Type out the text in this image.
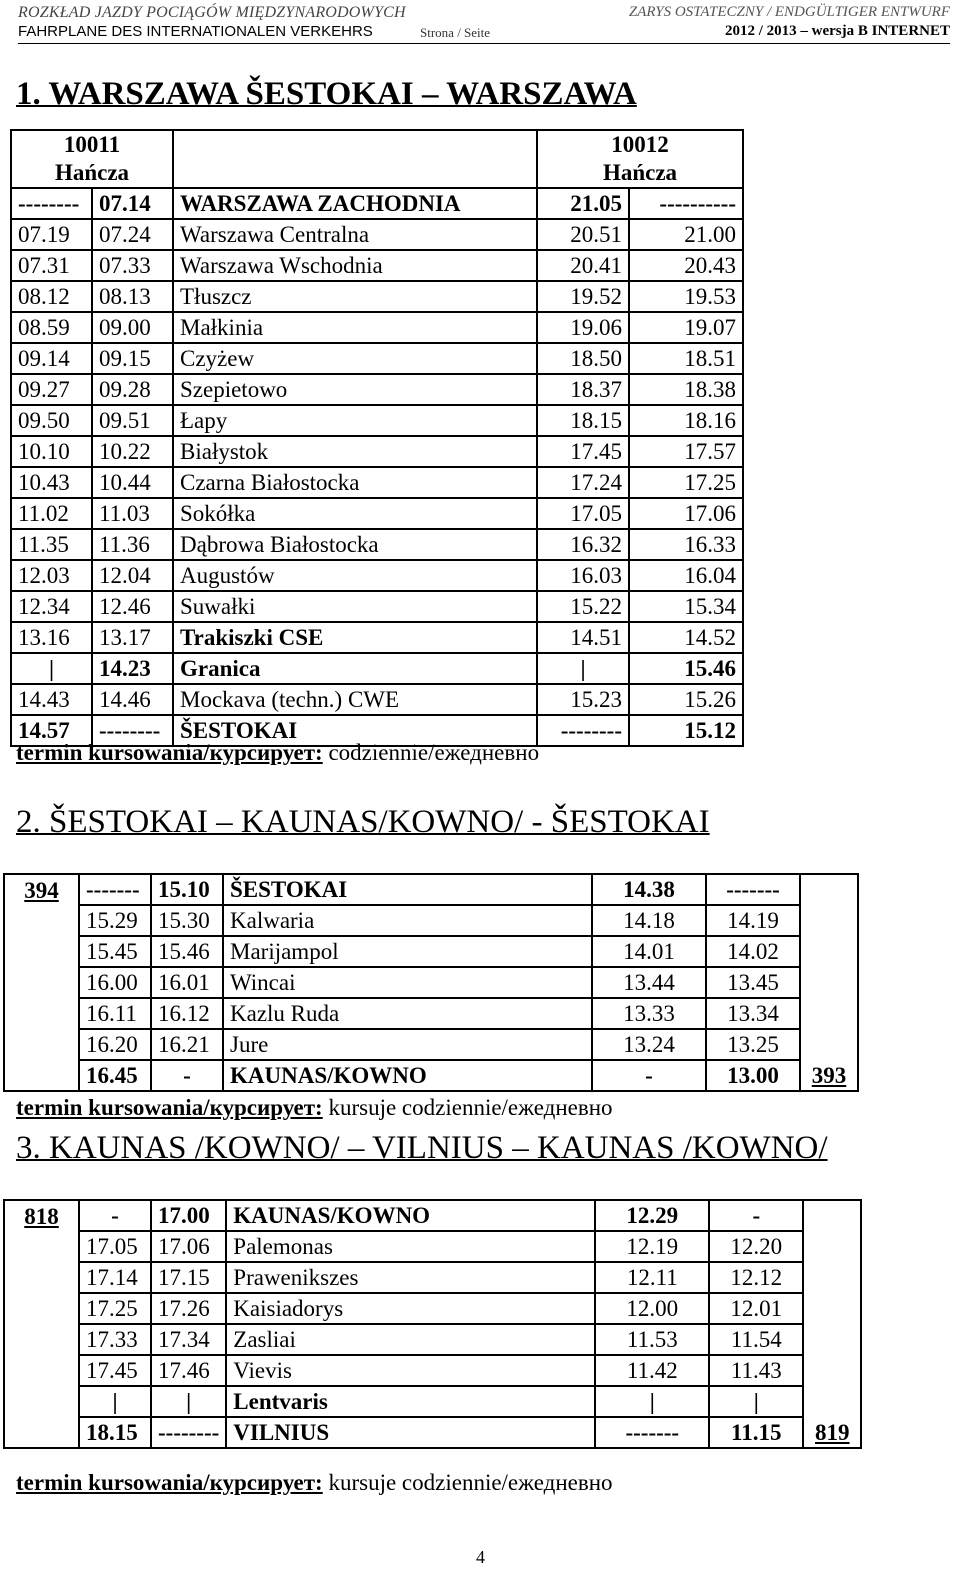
ROZKŁAD JAZDY POCIĄGÓW MIĘDZYNARODOWYCH
FAHRPLANE DES INTERNATIONALEN VERKEHRS	Strona / Seite
ZARYS OSTATECZNY / ENDGÜLTIGER ENTWURF
2012 / 2013 – wersja B INTERNET
1. WARSZAWA ŠESTOKAI – WARSZAWA
10011			10012	
Hańcza			Hańcza	
--------	07.14	WARSZAWA ZACHODNIA	21.05	----------
07.19	07.24	Warszawa Centralna	20.51	21.00
07.31	07.33	Warszawa Wschodnia	20.41	20.43
08.12	08.13	Tłuszcz	19.52	19.53
08.59	09.00	Małkinia	19.06	19.07
09.14	09.15	Czyżew	18.50	18.51
09.27	09.28	Szepietowo	18.37	18.38
09.50	09.51	Łapy	18.15	18.16
10.10	10.22	Białystok	17.45	17.57
10.43	10.44	Czarna Białostocka	17.24	17.25
11.02	11.03	Sokółka	17.05	17.06
11.35	11.36	Dąbrowa Białostocka	16.32	16.33
12.03	12.04	Augustów	16.03	16.04
12.34	12.46	Suwałki	15.22	15.34
13.16	13.17	Trakiszki CSE	14.51	14.52
|	14.23	Granica	|	15.46
14.43	14.46	Mockava (techn.) CWE	15.23	15.26
14.57	--------	ŠESTOKAI	--------	15.12
termin kursowania/курсирует: codziennie/ежедневно
2. ŠESTOKAI – KAUNAS/KOWNO/ - ŠESTOKAI
394	-------	15.10	ŠESTOKAI	14.38	-------	
	15.29	15.30	Kalwaria	14.18	14.19	
	15.45	15.46	Marijampol	14.01	14.02	
	16.00	16.01	Wincai	13.44	13.45	
	16.11	16.12	Kazlu Ruda	13.33	13.34	
	16.20	16.21	Jure	13.24	13.25	
	16.45	-	KAUNAS/KOWNO	-	13.00	393
termin kursowania/курсирует: kursuje codziennie/ежедневно
3. KAUNAS /KOWNO/ – VILNIUS – KAUNAS /KOWNO/
818	-	17.00	KAUNAS/KOWNO	12.29	-	
	17.05	17.06	Palemonas	12.19	12.20	
	17.14	17.15	Prawenikszes	12.11	12.12	
	17.25	17.26	Kaisiadorys	12.00	12.01	
	17.33	17.34	Zasliai	11.53	11.54	
	17.45	17.46	Vievis	11.42	11.43	
	|	|	Lentvaris	|	|	
	18.15	--------	VILNIUS	-------	11.15	819
termin kursowania/курсирует: kursuje codziennie/ежедневно
4
